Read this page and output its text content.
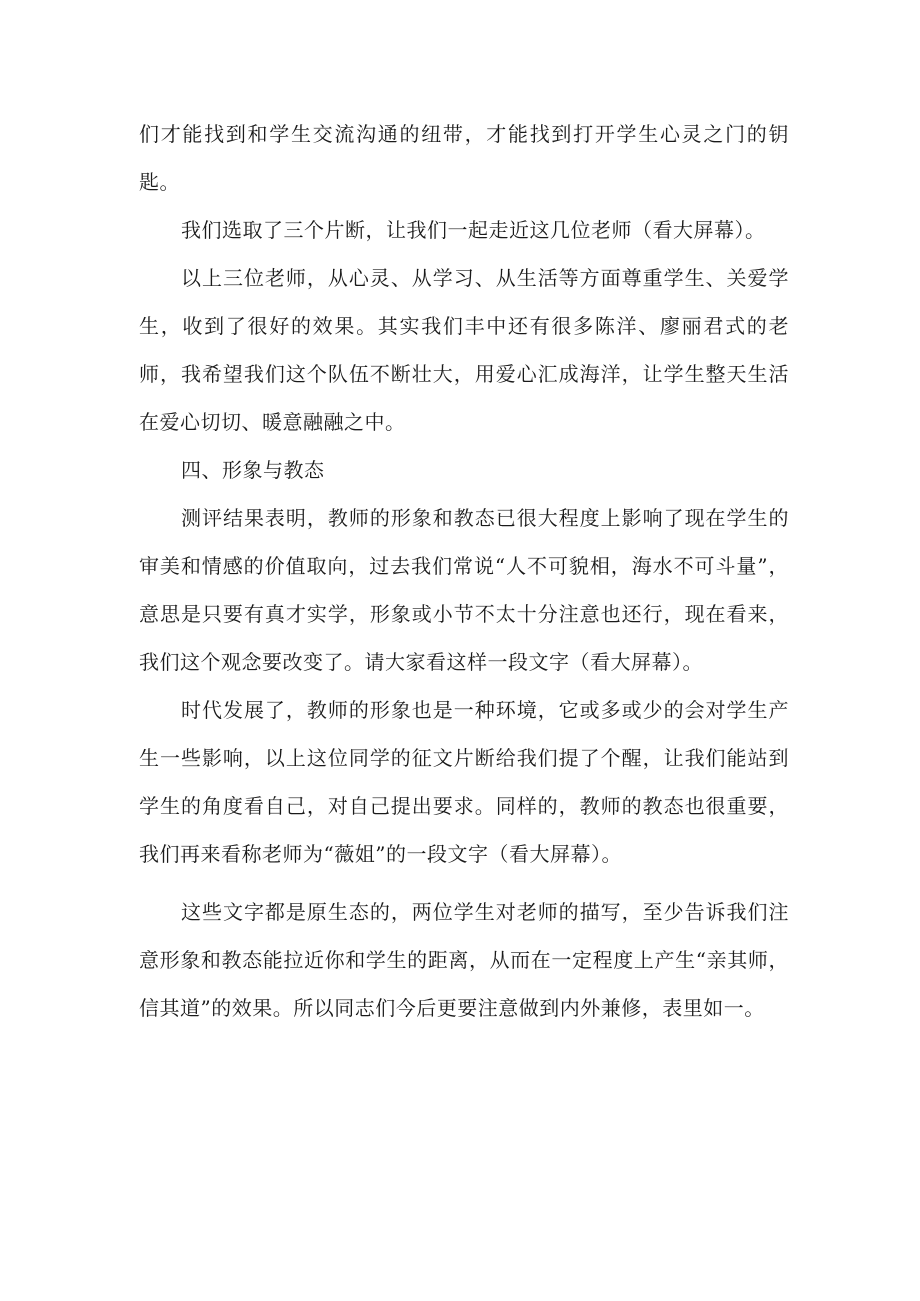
们才能找到和学生交流沟通的纽带，才能找到打开学生心灵之门的钥匙。

我们选取了三个片断，让我们一起走近这几位老师（看大屏幕）。

以上三位老师，从心灵、从学习、从生活等方面尊重学生、关爱学生，收到了很好的效果。其实我们丰中还有很多陈洋、廖丽君式的老师，我希望我们这个队伍不断壮大，用爱心汇成海洋，让学生整天生活在爱心切切、暖意融融之中。

四、形象与教态

测评结果表明，教师的形象和教态已很大程度上影响了现在学生的审美和情感的价值取向，过去我们常说“人不可貌相，海水不可斗量”，意思是只要有真才实学，形象或小节不太十分注意也还行，现在看来，我们这个观念要改变了。请大家看这样一段文字（看大屏幕）。

时代发展了，教师的形象也是一种环境，它或多或少的会对学生产生一些影响，以上这位同学的征文片断给我们提了个醒，让我们能站到学生的角度看自己，对自己提出要求。同样的，教师的教态也很重要，我们再来看称老师为“薇姐”的一段文字（看大屏幕）。

这些文字都是原生态的，两位学生对老师的描写，至少告诉我们注意形象和教态能拉近你和学生的距离，从而在一定程度上产生“亲其师，信其道”的效果。所以同志们今后更要注意做到内外兼修，表里如一。
